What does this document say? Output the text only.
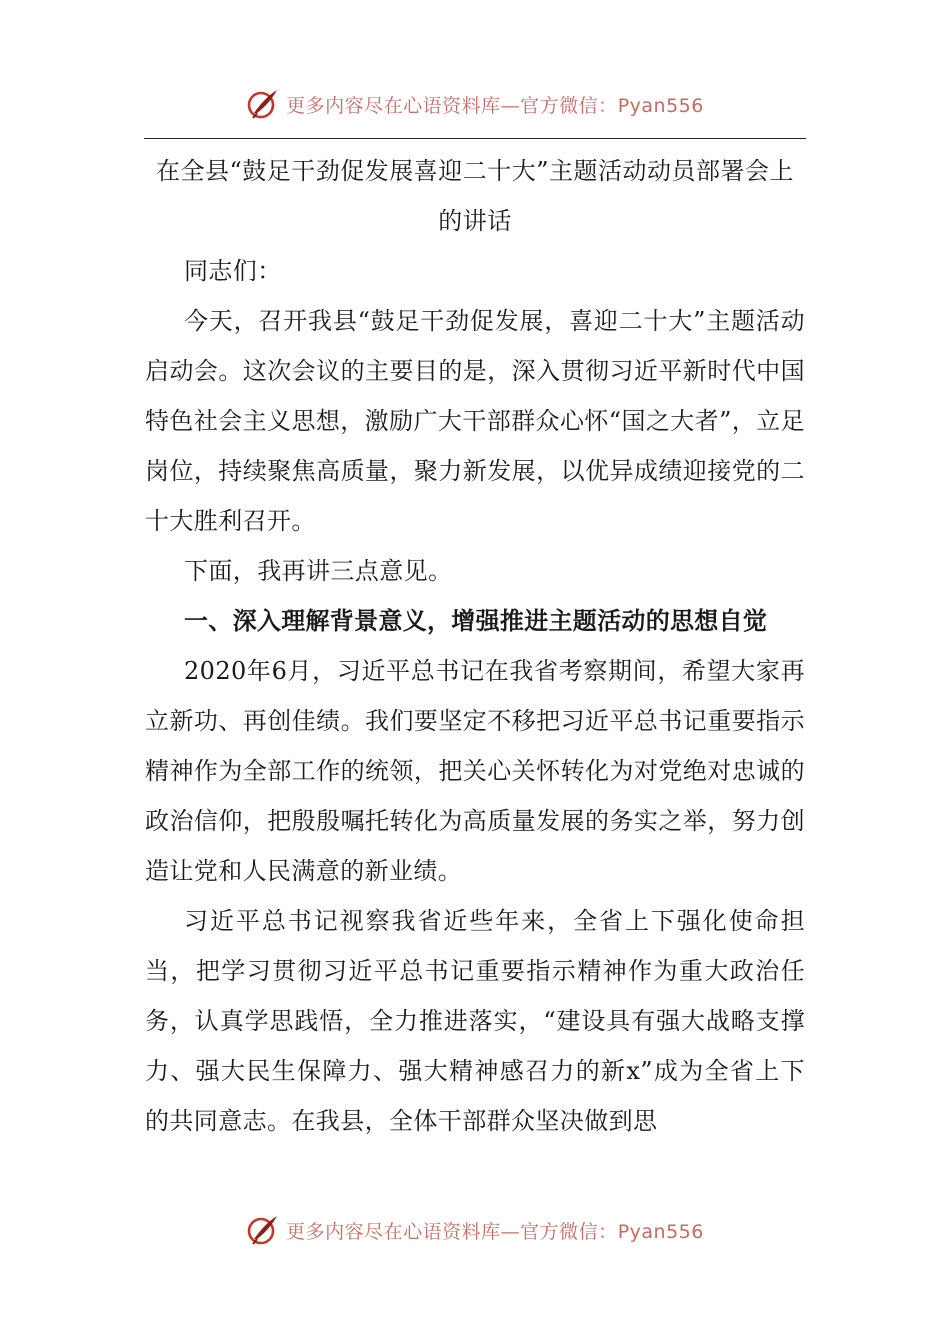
更多内容尽在心语资料库—官方微信：Pyan556
在全县“鼓足干劲促发展喜迎二十大”主题活动动员部署会上的讲话

同志们：

今天，召开我县“鼓足干劲促发展，喜迎二十大”主题活动启动会。这次会议的主要目的是，深入贯彻习近平新时代中国特色社会主义思想，激励广大干部群众心怀“国之大者”，立足岗位，持续聚焦高质量，聚力新发展，以优异成绩迎接党的二十大胜利召开。

下面，我再讲三点意见。

一、深入理解背景意义，增强推进主题活动的思想自觉

2020年6月，习近平总书记在我省考察期间，希望大家再立新功、再创佳绩。我们要坚定不移把习近平总书记重要指示精神作为全部工作的统领，把关心关怀转化为对党绝对忠诚的政治信仰，把殷殷嘱托转化为高质量发展的务实之举，努力创造让党和人民满意的新业绩。

习近平总书记视察我省近些年来，全省上下强化使命担当，把学习贯彻习近平总书记重要指示精神作为重大政治任务，认真学思践悟，全力推进落实，“建设具有强大战略支撑力、强大民生保障力、强大精神感召力的新x”成为全省上下的共同意志。在我县，全体干部群众坚决做到思

更多内容尽在心语资料库—官方微信：Pyan556
